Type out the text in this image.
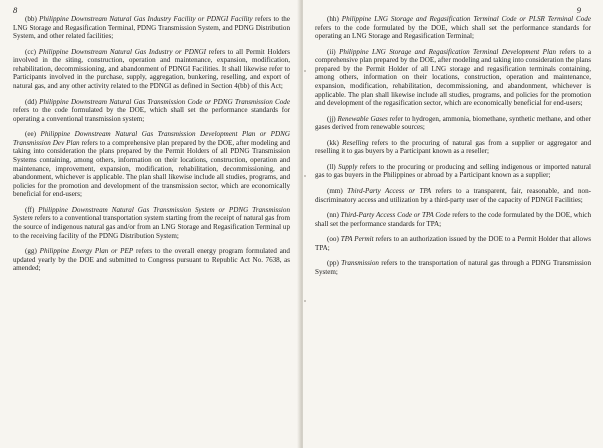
8

(bb) Philippine Downstream Natural Gas Industry Facility or PDNGI Facility refers to the LNG Storage and Regasification Terminal, PDNG Transmission System, and PDNG Distribution System, and other related facilities;

(cc) Philippine Downstream Natural Gas Industry or PDNGI refers to all Permit Holders involved in the siting, construction, operation and maintenance, expansion, modification, rehabilitation, decommissioning, and abandonment of PDNGI Facilities. It shall likewise refer to Participants involved in the purchase, supply, aggregation, bunkering, reselling, and export of natural gas, and any other activity related to the PDNGI as defined in Section 4(bb) of this Act;

(dd) Philippine Downstream Natural Gas Transmission Code or PDNG Transmission Code refers to the code formulated by the DOE, which shall set the performance standards for operating a conventional transmission system;

(ee) Philippine Downstream Natural Gas Transmission Development Plan or PDNG Transmission Dev Plan refers to a comprehensive plan prepared by the DOE, after modeling and taking into consideration the plans prepared by the Permit Holders of all PDNG Transmission Systems containing, among others, information on their locations, construction, operation and maintenance, improvement, expansion, modification, rehabilitation, decommissioning, and abandonment, whichever is applicable. The plan shall likewise include all studies, programs, and policies for the promotion and development of the transmission sector, which are economically beneficial for end-users;

(ff) Philippine Downstream Natural Gas Transmission System or PDNG Transmission System refers to a conventional transportation system starting from the receipt of natural gas from the source of indigenous natural gas and/or from an LNG Storage and Regasification Terminal up to the receiving facility of the PDNG Distribution System;

(gg) Philippine Energy Plan or PEP refers to the overall energy program formulated and updated yearly by the DOE and submitted to Congress pursuant to Republic Act No. 7638, as amended;

9

(hh) Philippine LNG Storage and Regasification Terminal Code or PLSR Terminal Code refers to the code formulated by the DOE, which shall set the performance standards for operating an LNG Storage and Regasification Terminal;

(ii) Philippine LNG Storage and Regasification Terminal Development Plan refers to a comprehensive plan prepared by the DOE, after modeling and taking into consideration the plans prepared by the Permit Holder of all LNG storage and regasification terminals containing, among others, information on their locations, construction, operation and maintenance, expansion, modification, rehabilitation, decommissioning, and abandonment, whichever is applicable. The plan shall likewise include all studies, programs, and policies for the promotion and development of the regasification sector, which are economically beneficial for end-users;

(jj) Renewable Gases refer to hydrogen, ammonia, biomethane, synthetic methane, and other gases derived from renewable sources;

(kk) Reselling refers to the procuring of natural gas from a supplier or aggregator and reselling it to gas buyers by a Participant known as a reseller;

(ll) Supply refers to the procuring or producing and selling indigenous or imported natural gas to gas buyers in the Philippines or abroad by a Participant known as a supplier;

(mm) Third-Party Access or TPA refers to a transparent, fair, reasonable, and non-discriminatory access and utilization by a third-party user of the capacity of PDNGI Facilities;

(nn) Third-Party Access Code or TPA Code refers to the code formulated by the DOE, which shall set the performance standards for TPA;

(oo) TPA Permit refers to an authorization issued by the DOE to a Permit Holder that allows TPA;

(pp) Transmission refers to the transportation of natural gas through a PDNG Transmission System;
